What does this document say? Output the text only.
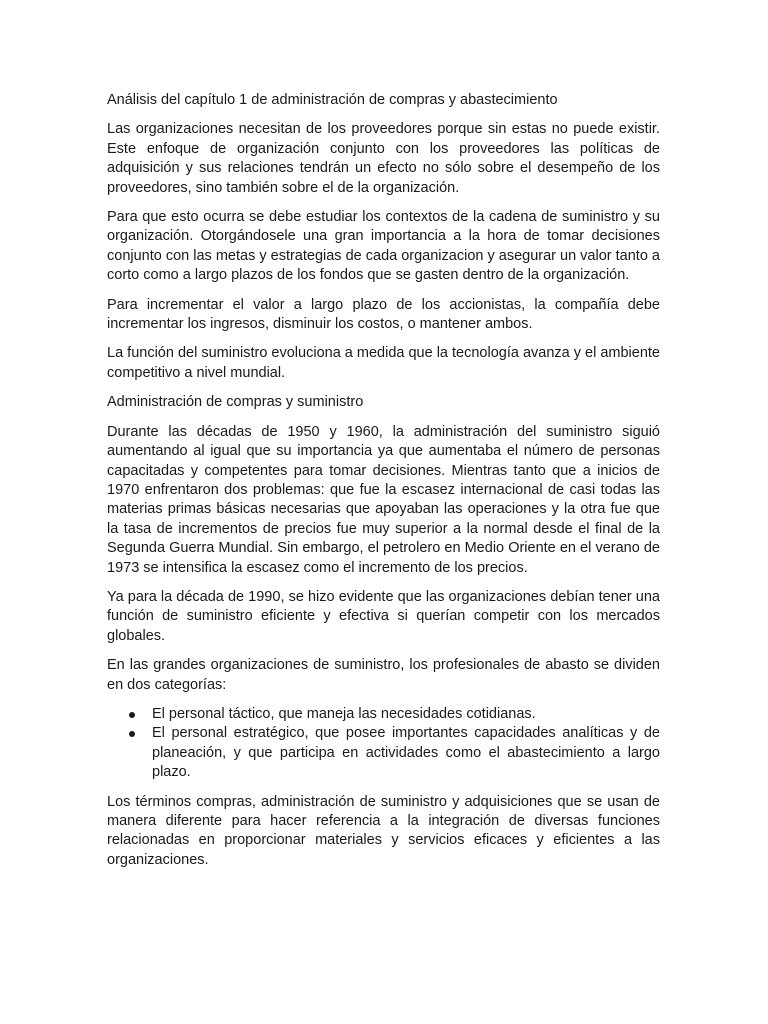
Análisis del capítulo 1 de administración de compras y abastecimiento

Las organizaciones necesitan de los proveedores porque sin estas no puede existir. Este enfoque de organización conjunto con los proveedores las políticas de adquisición y sus relaciones tendrán un efecto no sólo sobre el desempeño de los proveedores, sino también sobre el de la organización.

Para que esto ocurra se debe estudiar los contextos de la cadena de suministro y su organización. Otorgándosele una gran importancia a la hora de tomar decisiones conjunto con las metas y estrategias de cada organizacion y asegurar un valor tanto a corto como a largo plazos de los fondos que se gasten dentro de la organización.

Para incrementar el valor a largo plazo de los accionistas, la compañía debe incrementar los ingresos, disminuir los costos, o mantener ambos.

La función del suministro evoluciona a medida que la tecnología avanza y el ambiente competitivo a nivel mundial.

Administración de compras y suministro

Durante las décadas de 1950 y 1960, la administración del suministro siguió aumentando al igual que su importancia ya que aumentaba el número de personas capacitadas y competentes para tomar decisiones. Mientras tanto que a inicios de 1970 enfrentaron dos problemas: que fue la escasez internacional de casi todas las materias primas básicas necesarias que apoyaban las operaciones y la otra fue que la tasa de incrementos de precios fue muy superior a la normal desde el final de la Segunda Guerra Mundial. Sin embargo, el petrolero en Medio Oriente en el verano de 1973 se intensifica la escasez como el incremento de los precios.

Ya para la década de 1990, se hizo evidente que las organizaciones debían tener una función de suministro eficiente y efectiva si querían competir con los mercados globales.

En las grandes organizaciones de suministro, los profesionales de abasto se dividen en dos categorías:

El personal táctico, que maneja las necesidades cotidianas.
El personal estratégico, que posee importantes capacidades analíticas y de planeación, y que participa en actividades como el abastecimiento a largo plazo.

Los términos compras, administración de suministro y adquisiciones que se usan de manera diferente para hacer referencia a la integración de diversas funciones relacionadas en proporcionar materiales y servicios eficaces y eficientes a las organizaciones.
